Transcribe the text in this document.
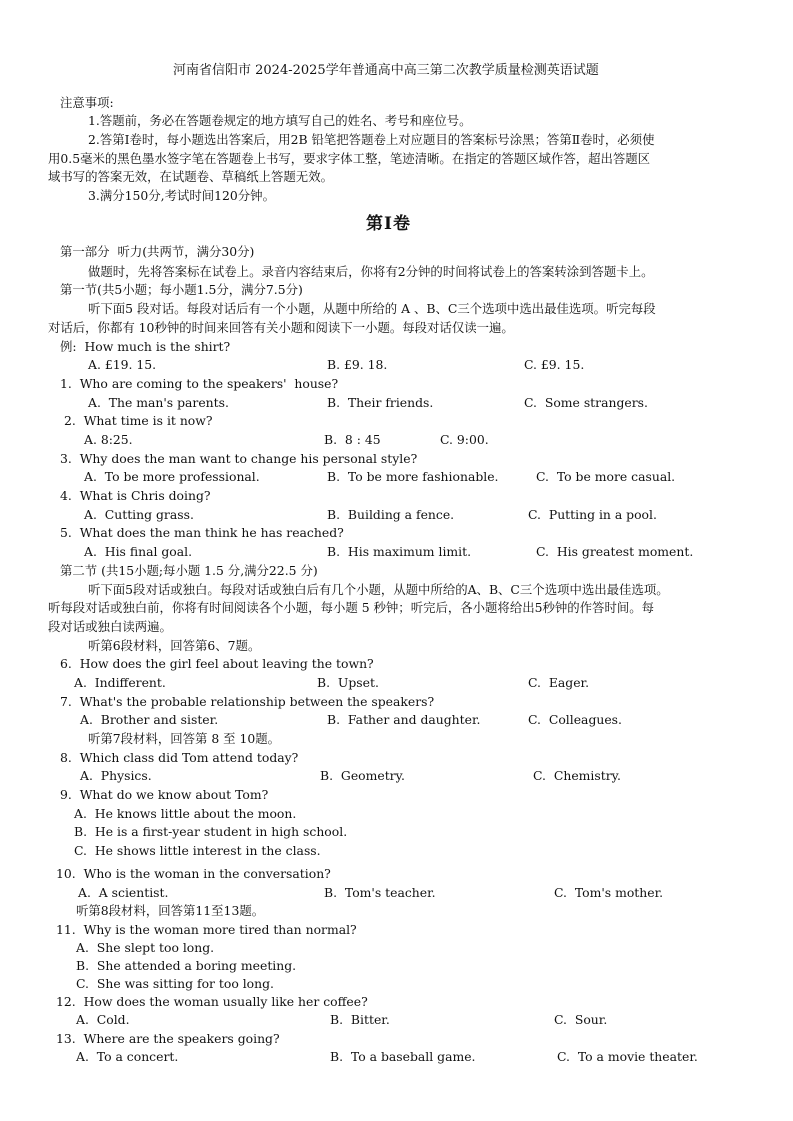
河南省信阳市 2024-2025学年普通高中高三第二次教学质量检测英语试题
注意事项:
1.答题前，务必在答题卷规定的地方填写自己的姓名、考号和座位号。
2.答第Ⅰ卷时，每小题选出答案后，用2B 铅笔把答题卷上对应题目的答案标号涂黑；答第Ⅱ卷时，必须使
用0.5毫米的黑色墨水签字笔在答题卷上书写，要求字体工整，笔迹清晰。在指定的答题区域作答，超出答题区
域书写的答案无效，在试题卷、草稿纸上答题无效。
3.满分150分,考试时间120分钟。
第Ⅰ卷
第一部分  听力(共两节，满分30分)
做题时，先将答案标在试卷上。录音内容结束后，你将有2分钟的时间将试卷上的答案转涂到答题卡上。
第一节(共5小题；每小题1.5分，满分7.5分)
听下面5 段对话。每段对话后有一个小题，从题中所给的 A 、B、C三个选项中选出最佳选项。听完每段
对话后，你都有 10秒钟的时间来回答有关小题和阅读下一小题。每段对话仅读一遍。
例:  How much is the shirt?
A. £19. 15.	B. £9. 18.	C. £9. 15.
1.  Who are coming to the speakers'  house?
A.  The man's parents.	B.  Their friends.	C.  Some strangers.
2.  What time is it now?
A. 8:25.	B.  8 : 45	C. 9:00.
3.  Why does the man want to change his personal style?
A.  To be more professional.	B.  To be more fashionable.	C.  To be more casual.
4.  What is Chris doing?
A.  Cutting grass.	B.  Building a fence.	C.  Putting in a pool.
5.  What does the man think he has reached?
A.  His final goal.	B.  His maximum limit.	C.  His greatest moment.
第二节 (共15小题;每小题 1.5 分,满分22.5 分)
听下面5段对话或独白。每段对话或独白后有几个小题，从题中所给的A、B、C三个选项中选出最佳选项。
听每段对话或独白前，你将有时间阅读各个小题，每小题 5 秒钟；听完后，各小题将给出5秒钟的作答时间。每
段对话或独白读两遍。
听第6段材料，回答第6、7题。
6.  How does the girl feel about leaving the town?
A.  Indifferent.	B.  Upset.	C.  Eager.
7.  What's the probable relationship between the speakers?
A.  Brother and sister.	B.  Father and daughter.	C.  Colleagues.
听第7段材料，回答第 8 至 10题。
8.  Which class did Tom attend today?
A.  Physics.	B.  Geometry.	C.  Chemistry.
9.  What do we know about Tom?
A.  He knows little about the moon.
B.  He is a first-year student in high school.
C.  He shows little interest in the class.
10.  Who is the woman in the conversation?
A.  A scientist.	B.  Tom's teacher.	C.  Tom's mother.
听第8段材料，回答第11至13题。
11.  Why is the woman more tired than normal?
A.  She slept too long.
B.  She attended a boring meeting.
C.  She was sitting for too long.
12.  How does the woman usually like her coffee?
A.  Cold.	B.  Bitter.	C.  Sour.
13.  Where are the speakers going?
A.  To a concert.	B.  To a baseball game.	C.  To a movie theater.
